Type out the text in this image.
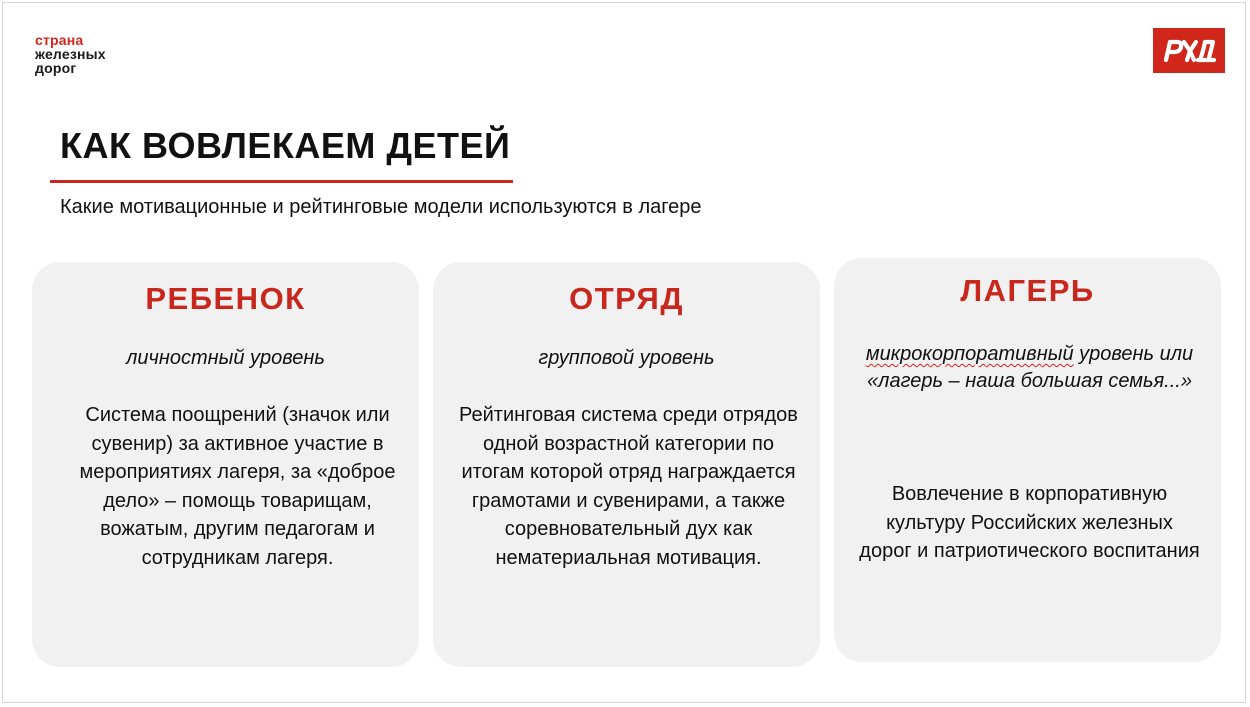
страна
железных
дорог
КАК ВОВЛЕКАЕМ ДЕТЕЙ
Какие мотивационные и рейтинговые модели используются в лагере
РЕБЕНОК
личностный уровень
Система поощрений (значок или сувенир) за активное участие в мероприятиях лагеря, за «доброе дело» – помощь товарищам, вожатым, другим педагогам и сотрудникам лагеря.
ОТРЯД
групповой уровень
Рейтинговая система среди отрядов одной возрастной категории по итогам которой отряд награждается грамотами и сувенирами, а также соревновательный дух как нематериальная мотивация.
ЛАГЕРЬ
микрокорпоративный уровень или «лагерь – наша большая семья...»
Вовлечение в корпоративную культуру Российских железных дорог и патриотического воспитания
